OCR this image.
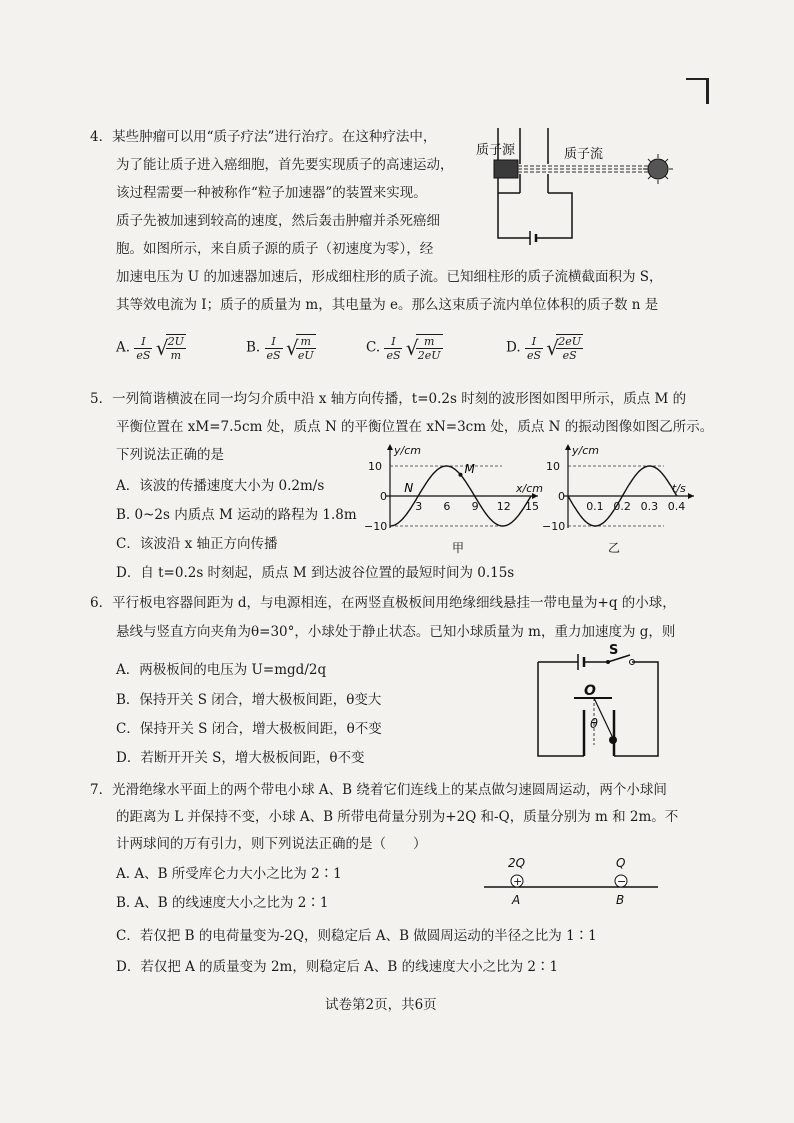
4．某些肿瘤可以用“质子疗法”进行治疗。在这种疗法中，
为了能让质子进入癌细胞，首先要实现质子的高速运动，
该过程需要一种被称作“粒子加速器”的装置来实现。
质子先被加速到较高的速度，然后轰击肿瘤并杀死癌细
胞。如图所示，来自质子源的质子（初速度为零），经
加速电压为 U 的加速器加速后，形成细柱形的质子流。已知细柱形的质子流横截面积为 S，
其等效电流为 I；质子的质量为 m，其电量为 e。那么这束质子流内单位体积的质子数 n 是
质子源	质子流
A. $\frac{I}{eS}$
√ $\frac{2U}{m}$	B. $\frac{I}{eS}$
√ $\frac{m}{eU}$	C. $\frac{I}{eS}$
√ $\frac{m}{2eU}$	D. $\frac{I}{eS}$
√ $\frac{2eU}{eS}$
5．一列简谐横波在同一均匀介质中沿 x 轴方向传播，t=0.2s 时刻的波形图如图甲所示，质点 M 的
平衡位置在 xM=7.5cm 处，质点 N 的平衡位置在 xN=3cm 处，质点 N 的振动图像如图乙所示。
下列说法正确的是
A．该波的传播速度大小为 0.2m/s
B. 0~2s 内质点 M 运动的路程为 1.8m
C．该波沿 x 轴正方向传播
D．自 t=0.2s 时刻起，质点 M 到达波谷位置的最短时间为 0.15s
10
0
−10
3 6 9 12 15
y/cm
x/cm
甲
N
M	10
0
−10
0.1 0.2 0.3 0.4
y/cm
t/s
乙
6．平行板电容器间距为 d，与电源相连，在两竖直极板间用绝缘细线悬挂一带电量为+q 的小球，
悬线与竖直方向夹角为θ=30°，小球处于静止状态。已知小球质量为 m，重力加速度为 g，则
A．两极板间的电压为 U=mgd/2q
B．保持开关 S 闭合，增大极板间距，θ变大
C．保持开关 S 闭合，增大极板间距，θ不变
D．若断开开关 S，增大极板间距，θ不变
S
O
θ
7．光滑绝缘水平面上的两个带电小球 A、B 绕着它们连线上的某点做匀速圆周运动，两个小球间
的距离为 L 并保持不变，小球 A、B 所带电荷量分别为+2Q 和-Q，质量分别为 m 和 2m。不
计两球间的万有引力，则下列说法正确的是（　　）
A. A、B 所受库仑力大小之比为 2∶1
B. A、B 的线速度大小之比为 2∶1
C．若仅把 B 的电荷量变为-2Q，则稳定后 A、B 做圆周运动的半径之比为 1∶1
D．若仅把 A 的质量变为 2m，则稳定后 A、B 的线速度大小之比为 2∶1
2Q	Q
+	−
A	B
试卷第2页，共6页
